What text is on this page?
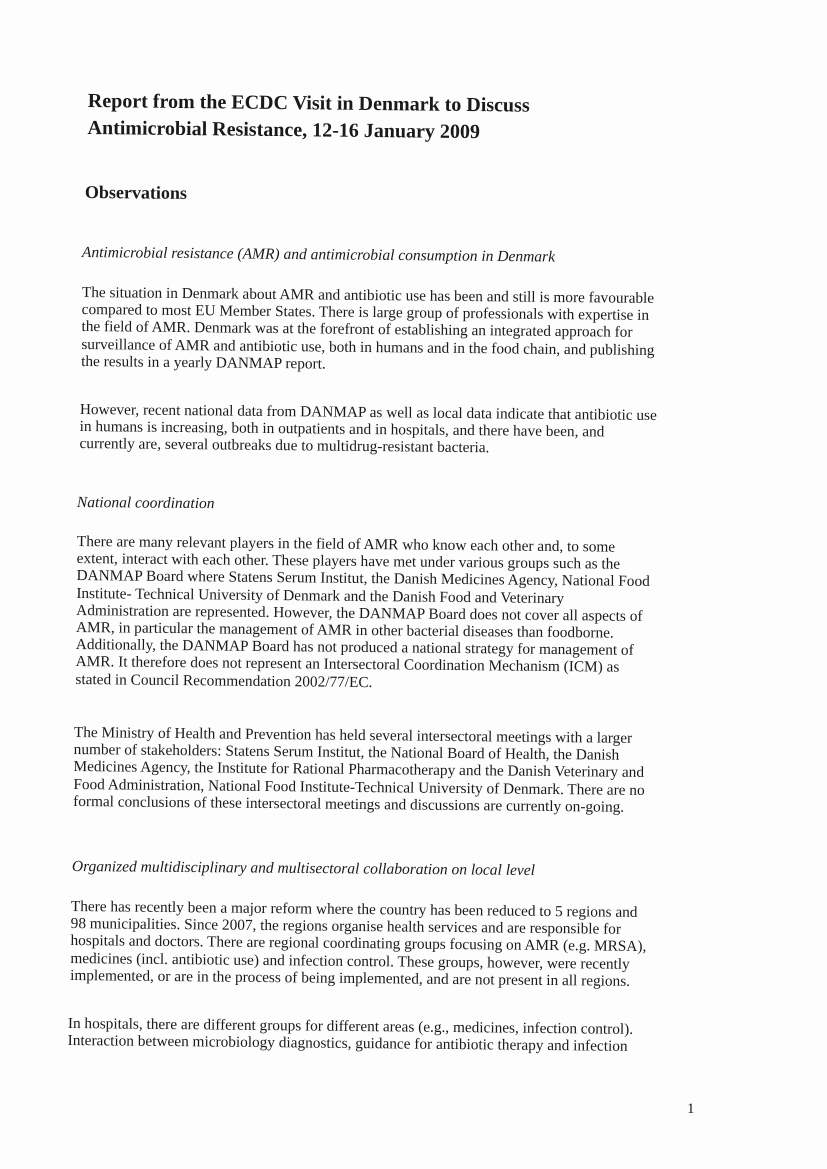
Report from the ECDC Visit in Denmark to Discuss
Antimicrobial Resistance, 12-16 January 2009
Observations
Antimicrobial resistance (AMR) and antimicrobial consumption in Denmark
The situation in Denmark about AMR and antibiotic use has been and still is more favourable
compared to most EU Member States. There is large group of professionals with expertise in
the field of AMR. Denmark was at the forefront of establishing an integrated approach for
surveillance of AMR and antibiotic use, both in humans and in the food chain, and publishing
the results in a yearly DANMAP report.
However, recent national data from DANMAP as well as local data indicate that antibiotic use
in humans is increasing, both in outpatients and in hospitals, and there have been, and
currently are, several outbreaks due to multidrug-resistant bacteria.
National coordination
There are many relevant players in the field of AMR who know each other and, to some
extent, interact with each other. These players have met under various groups such as the
DANMAP Board where Statens Serum Institut, the Danish Medicines Agency, National Food
Institute- Technical University of Denmark and the Danish Food and Veterinary
Administration are represented. However, the DANMAP Board does not cover all aspects of
AMR, in particular the management of AMR in other bacterial diseases than foodborne.
Additionally, the DANMAP Board has not produced a national strategy for management of
AMR. It therefore does not represent an Intersectoral Coordination Mechanism (ICM) as
stated in Council Recommendation 2002/77/EC.
The Ministry of Health and Prevention has held several intersectoral meetings with a larger
number of stakeholders: Statens Serum Institut, the National Board of Health, the Danish
Medicines Agency, the Institute for Rational Pharmacotherapy and the Danish Veterinary and
Food Administration, National Food Institute-Technical University of Denmark. There are no
formal conclusions of these intersectoral meetings and discussions are currently on-going.
Organized multidisciplinary and multisectoral collaboration on local level
There has recently been a major reform where the country has been reduced to 5 regions and
98 municipalities. Since 2007, the regions organise health services and are responsible for
hospitals and doctors. There are regional coordinating groups focusing on AMR (e.g. MRSA),
medicines (incl. antibiotic use) and infection control. These groups, however, were recently
implemented, or are in the process of being implemented, and are not present in all regions.
In hospitals, there are different groups for different areas (e.g., medicines, infection control).
Interaction between microbiology diagnostics, guidance for antibiotic therapy and infection
1
